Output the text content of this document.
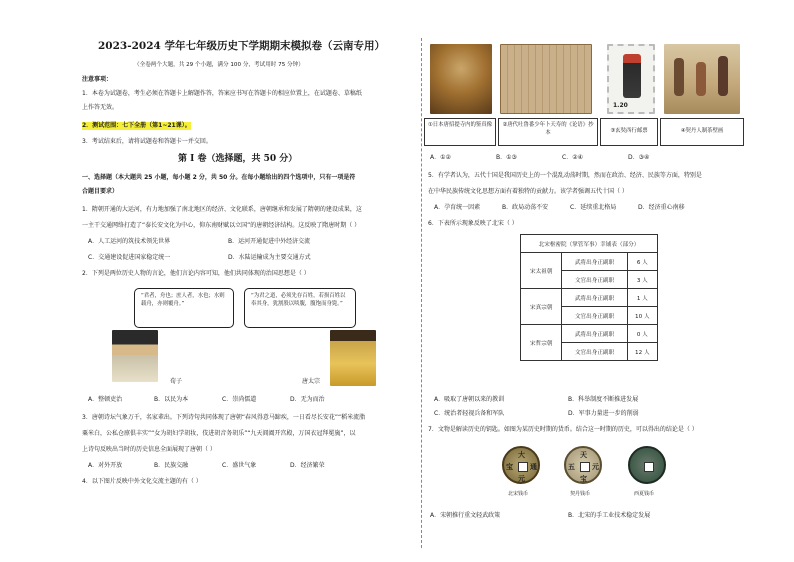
2023-2024 学年七年级历史下学期期末模拟卷（云南专用）
（全卷两个大题，共 29 个小题，满分 100 分，考试用时 75 分钟）
注意事项：
1．本卷为试题卷，考生必须在答题卡上解题作答，答案应书写在答题卡的相应位置上，在试题卷、草稿纸
上作答无效。
2．测试范围：七下全册（第1~21课）。
3．考试结束后，请将试题卷和答题卡一并交回。
第 I 卷（选择题，共 50 分）
一、选择题（本大题共 25 小题，每小题 2 分，共 50 分。在每小题给出的四个选项中，只有一项是符
合题目要求）
1．隋朝开通的大运河，有力地加强了南北地区的经济、文化联系，唐朝继承和发展了隋朝的建设成果，这
一主干交通网络打造了“泰长安文化为中心，仰东南财赋以立国”的唐朝经济结构。这反映了隋唐时期（ ）
A．人工运河的筑技术领先世界	B．运河开通促进中外经济交流
C．交通建设促进国家稳定统一	D．水陆运输成为主要交通方式
2．下列是两位历史人物的言论，他们言论内容可知，他们共同体现的治国思想是（ ）
“君者，舟也；庶人者，水也；水则载舟，亦则覆舟。”
“为君之道，必须先存百姓，若损百姓以奉其身，犹割股以啖腹，腹饱而身毙。”
荀子	唐太宗
A．整顿吏治	B．以民为本	C．崇尚儒道	D．无为而治
3．唐朝诗坛气象万千，名家辈出。下列诗句共同体现了唐朝“春风得意马蹄疾，一日看尽长安花”“稻米流脂
粟米白，公私仓廪俱丰实”“女为胡妇学胡妆，伎进胡音务胡乐”“九天阊阖开宫殿，万国衣冠拜冕旒”，以
上诗句反映出当时的历史信息全面展现了唐朝（ ）
A．对外开放	B．民族交融	C．盛世气象	D．经济繁荣
4．以下图片反映中外文化交流主题的有（ ）
1.20
①日本唐招提寺内的鉴真像	②唐代吐鲁番少年卜天寿的《论语》抄本	③玄奘西行邮票	④契丹人制茶壁画
A．①②	B．①③	C．②④	D．③④
5．有学者认为，五代十国是我国历史上的一个混乱动荡时期，然而在政治、经济、民族等方面，特别是
在中华民族传统文化思想方面有着独特的贡献力。该学者强调五代十国（ ）
A．孕育统一因素	B．政局动荡不安	C．延续重北格局	D．经济重心南移
6．下表所示现象反映了北宋（ ）
北宋枢密院（掌管军事）幸铺表（部分）		
宋太祖朝	武将出身正副职	6 人
	文官出身正副职	3 人
宋真宗朝	武将出身正副职	1 人
	文官出身正副职	10 人
宋哲宗朝	武将出身正副职	0 人
	文官出身正副职	12 人
A．吸取了唐朝以来的教训	B．科举制度不断推进发展
C．统治者轻视兵备和军队	D．军事力量进一步的削弱
7．文物是解读历史的钥匙。如图为某历史时期的货币。结合这一时期的历史，可以得出的结论是（ ）
大
通
元
宝
北宋钱币
天
元
宝
五
契丹钱币	西夏钱币
A．宋朝推行重文轻武政策	B．北宋的手工业技术稳定发展
